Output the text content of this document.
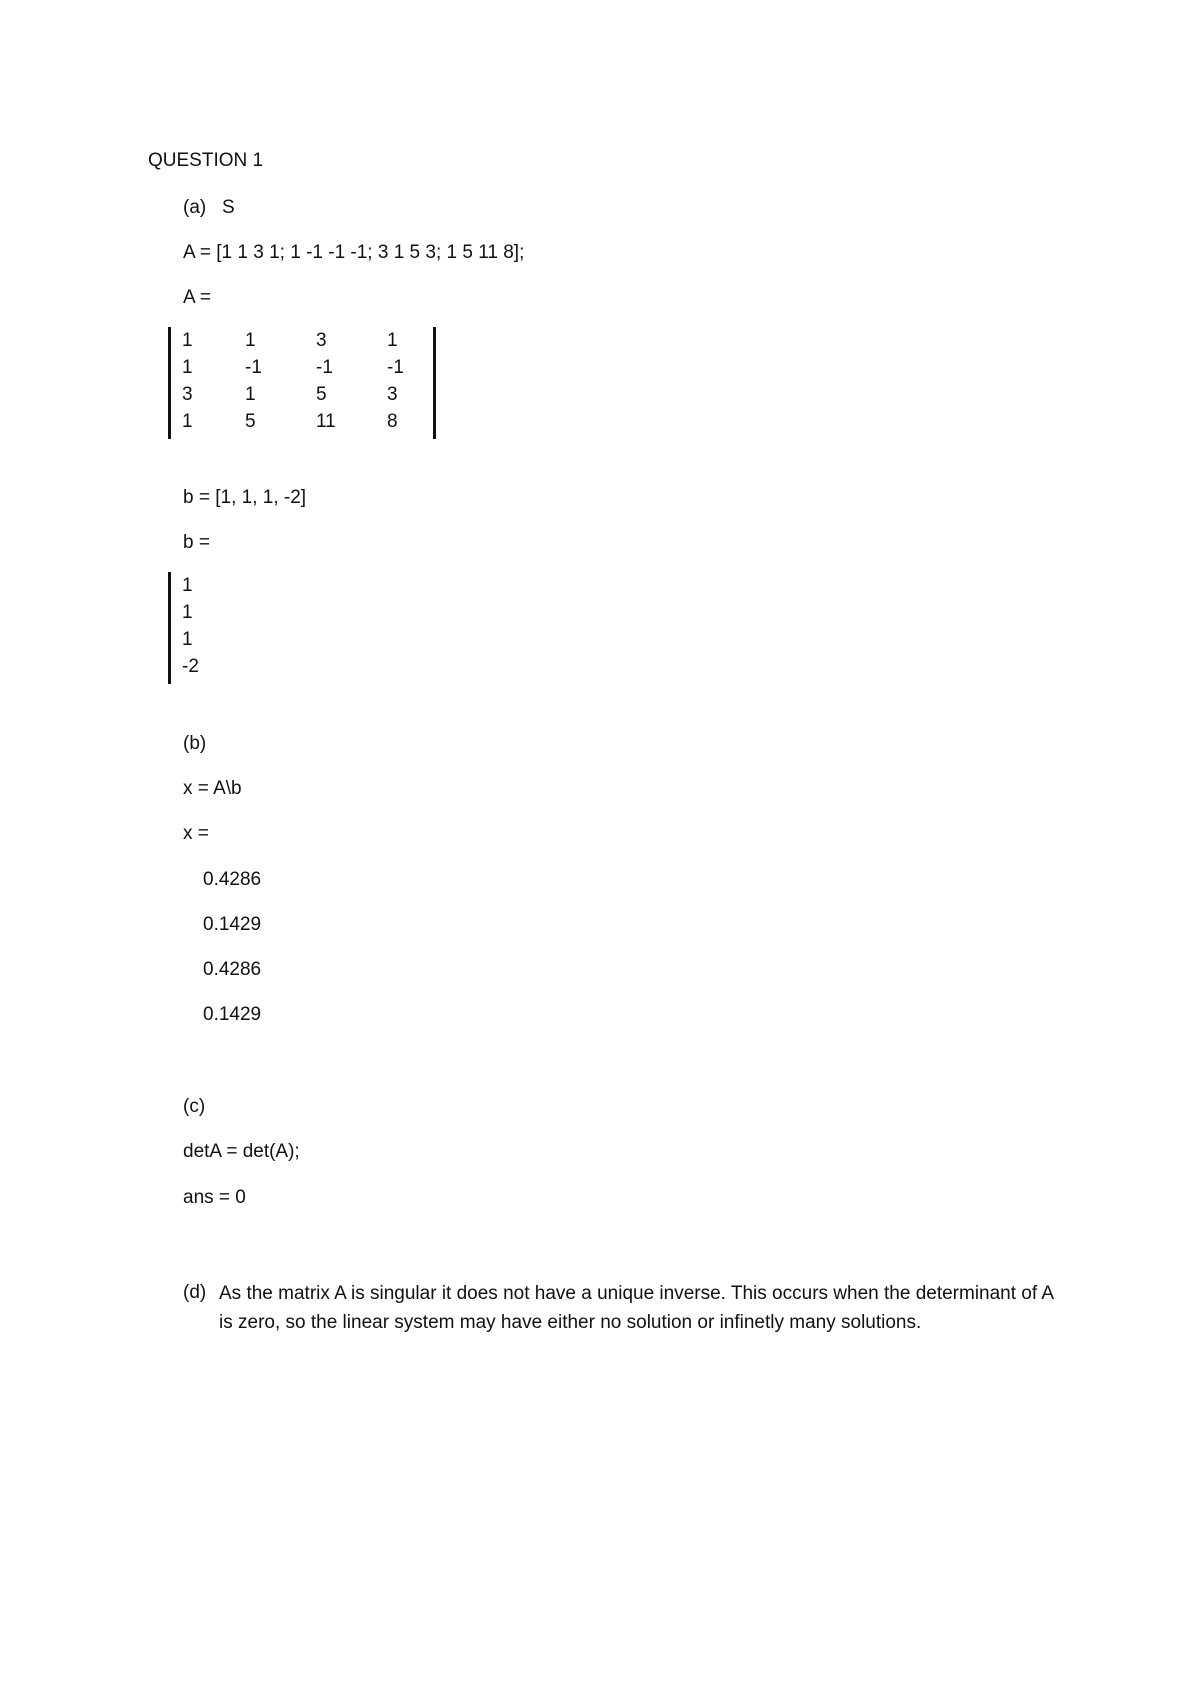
QUESTION 1
(a) S
A = [1 1 3 1; 1 -1 -1 -1; 3 1 5 3; 1 5 11 8];
A =
1	1	3	1
1	-1	-1	-1
3	1	5	3
1	5	11	8
b = [1, 1, 1, -2]
b =
1
1
1
-2
(b)
x = A\b
x =
0.4286
0.1429
0.4286
0.1429
(c)
detA = det(A);
ans = 0
(d) As the matrix A is singular it does not have a unique inverse. This occurs when the determinant of A is zero, so the linear system may have either no solution or infinetly many solutions.
